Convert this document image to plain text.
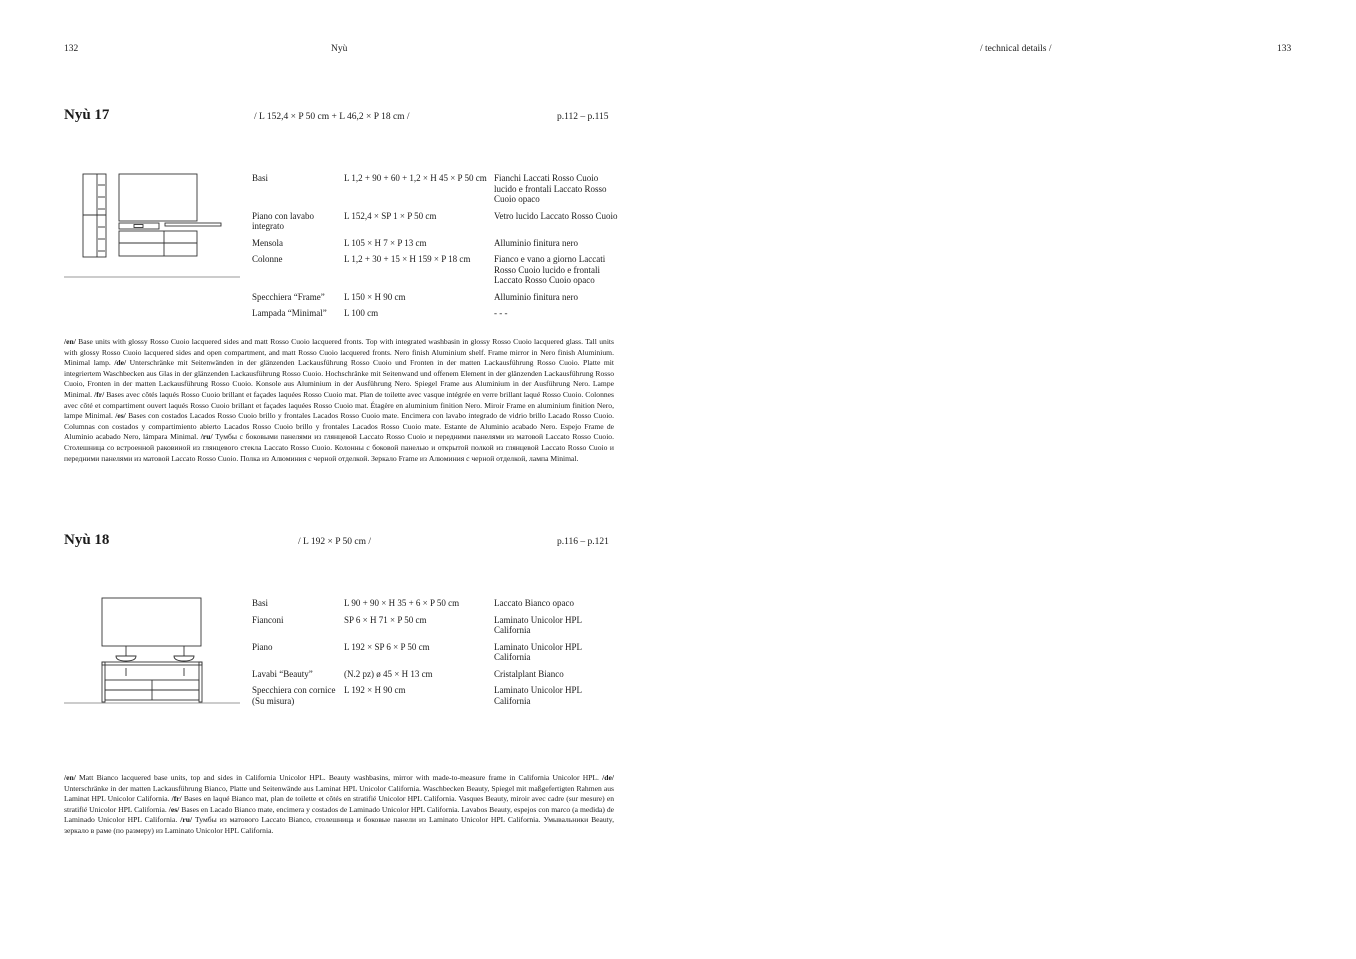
132	Nyù	/ technical details /	133
Nyù 17	/ L 152,4 × P 50 cm + L 46,2 × P 18 cm /	p.112 – p.115
Basi	L 1,2 + 90 + 60 + 1,2 × H 45 × P 50 cm	Fianchi Laccati Rosso Cuoio lucido e frontali Laccato Rosso Cuoio opaco
Piano con lavabo integrato	L 152,4 × SP 1 × P 50 cm	Vetro lucido Laccato Rosso Cuoio
Mensola	L 105 × H 7 × P 13 cm	Alluminio finitura nero
Colonne	L 1,2 + 30 + 15 × H 159 × P 18 cm	Fianco e vano a giorno Laccati Rosso Cuoio lucido e frontali Laccato Rosso Cuoio opaco
Specchiera “Frame”	L 150 × H 90 cm	Alluminio finitura nero
Lampada “Minimal”	L 100 cm	- - -

/en/ Base units with glossy Rosso Cuoio lacquered sides and matt Rosso Cuoio lacquered fronts. Top with integrated washbasin in glossy Rosso Cuoio lacquered glass. Tall units with glossy Rosso Cuoio lacquered sides and open compartment, and matt Rosso Cuoio lacquered fronts. Nero finish Aluminium shelf. Frame mirror in Nero finish Aluminium. Minimal lamp. /de/ Unterschränke mit Seitenwänden in der glänzenden Lackausführung Rosso Cuoio und Fronten in der matten Lackausführung Rosso Cuoio. Platte mit integriertem Waschbecken aus Glas in der glänzenden Lackausführung Rosso Cuoio. Hochschränke mit Seitenwand und offenem Element in der glänzenden Lackausführung Rosso Cuoio, Fronten in der matten Lackausführung Rosso Cuoio. Konsole aus Aluminium in der Ausführung Nero. Spiegel Frame aus Aluminium in der Ausführung Nero. Lampe Minimal. /fr/ Bases avec côtés laqués Rosso Cuoio brillant et façades laquées Rosso Cuoio mat. Plan de toilette avec vasque intégrée en verre brillant laqué Rosso Cuoio. Colonnes avec côté et compartiment ouvert laqués Rosso Cuoio brillant et façades laquées Rosso Cuoio mat. Étagère en aluminium finition Nero. Miroir Frame en aluminium finition Nero, lampe Minimal. /es/ Bases con costados Lacados Rosso Cuoio brillo y frontales Lacados Rosso Cuoio mate. Encimera con lavabo integrado de vidrio brillo Lacado Rosso Cuoio. Columnas con costados y compartimiento abierto Lacados Rosso Cuoio brillo y frontales Lacados Rosso Cuoio mate. Estante de Aluminio acabado Nero. Espejo Frame de Aluminio acabado Nero, lámpara Minimal. /ru/ Тумбы с боковыми панелями из глянцевой Laccato Rosso Cuoio и передними панелями из матовой Laccato Rosso Cuoio. Столешница со встроенной раковиной из глянцевого стекла Laccato Rosso Cuoio. Колонны с боковой панелью и открытой полкой из глянцевой Laccato Rosso Cuoio и передними панелями из матовой Laccato Rosso Cuoio. Полка из Алюминия с черной отделкой. Зеркало Frame из Алюминия с черной отделкой, лампа Minimal.

Nyù 18	/ L 192 × P 50 cm /	p.116 – p.121
Basi	L 90 + 90 × H 35 + 6 × P 50 cm	Laccato Bianco opaco
Fianconi	SP 6 × H 71 × P 50 cm	Laminato Unicolor HPL California
Piano	L 192 × SP 6 × P 50 cm	Laminato Unicolor HPL California
Lavabi “Beauty”	(N.2 pz) ø 45 × H 13 cm	Cristalplant Bianco
Specchiera con cornice (Su misura)	L 192 × H 90 cm	Laminato Unicolor HPL California

/en/ Matt Bianco lacquered base units, top and sides in California Unicolor HPL. Beauty washbasins, mirror with made-to-measure frame in California Unicolor HPL. /de/ Unterschränke in der matten Lackausführung Bianco, Platte und Seitenwände aus Laminat HPL Unicolor California. Waschbecken Beauty, Spiegel mit maßgefertigten Rahmen aus Laminat HPL Unicolor California. /fr/ Bases en laqué Bianco mat, plan de toilette et côtés en stratifié Unicolor HPL California. Vasques Beauty, miroir avec cadre (sur mesure) en stratifié Unicolor HPL California. /es/ Bases en Lacado Bianco mate, encimera y costados de Laminado Unicolor HPL California. Lavabos Beauty, espejos con marco (a medida) de Laminado Unicolor HPL California. /ru/ Тумбы из матового Laccato Bianco, столешница и боковые панели из Laminato Unicolor HPL California. Умывальники Beauty, зеркало в раме (по размеру) из Laminato Unicolor HPL California.
